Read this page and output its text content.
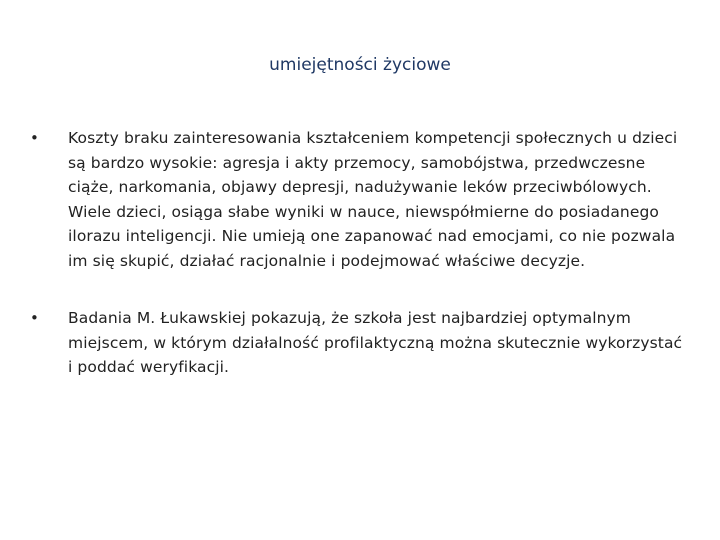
umiejętności życiowe
•	Koszty braku zainteresowania kształceniem kompetencji społecznych u dzieci są bardzo wysokie: agresja i akty przemocy, samobójstwa, przedwczesne ciąże, narkomania, objawy depresji, nadużywanie leków przeciwbólowych. Wiele dzieci, osiąga słabe wyniki w nauce, niewspółmierne do posiadanego ilorazu inteligencji. Nie umieją one zapanować nad emocjami, co nie pozwala im się skupić, działać racjonalnie i podejmować właściwe decyzje.
•	Badania M. Łukawskiej pokazują, że szkoła jest najbardziej optymalnym miejscem, w którym działalność profilaktyczną można skutecznie wykorzystać i poddać weryfikacji.
